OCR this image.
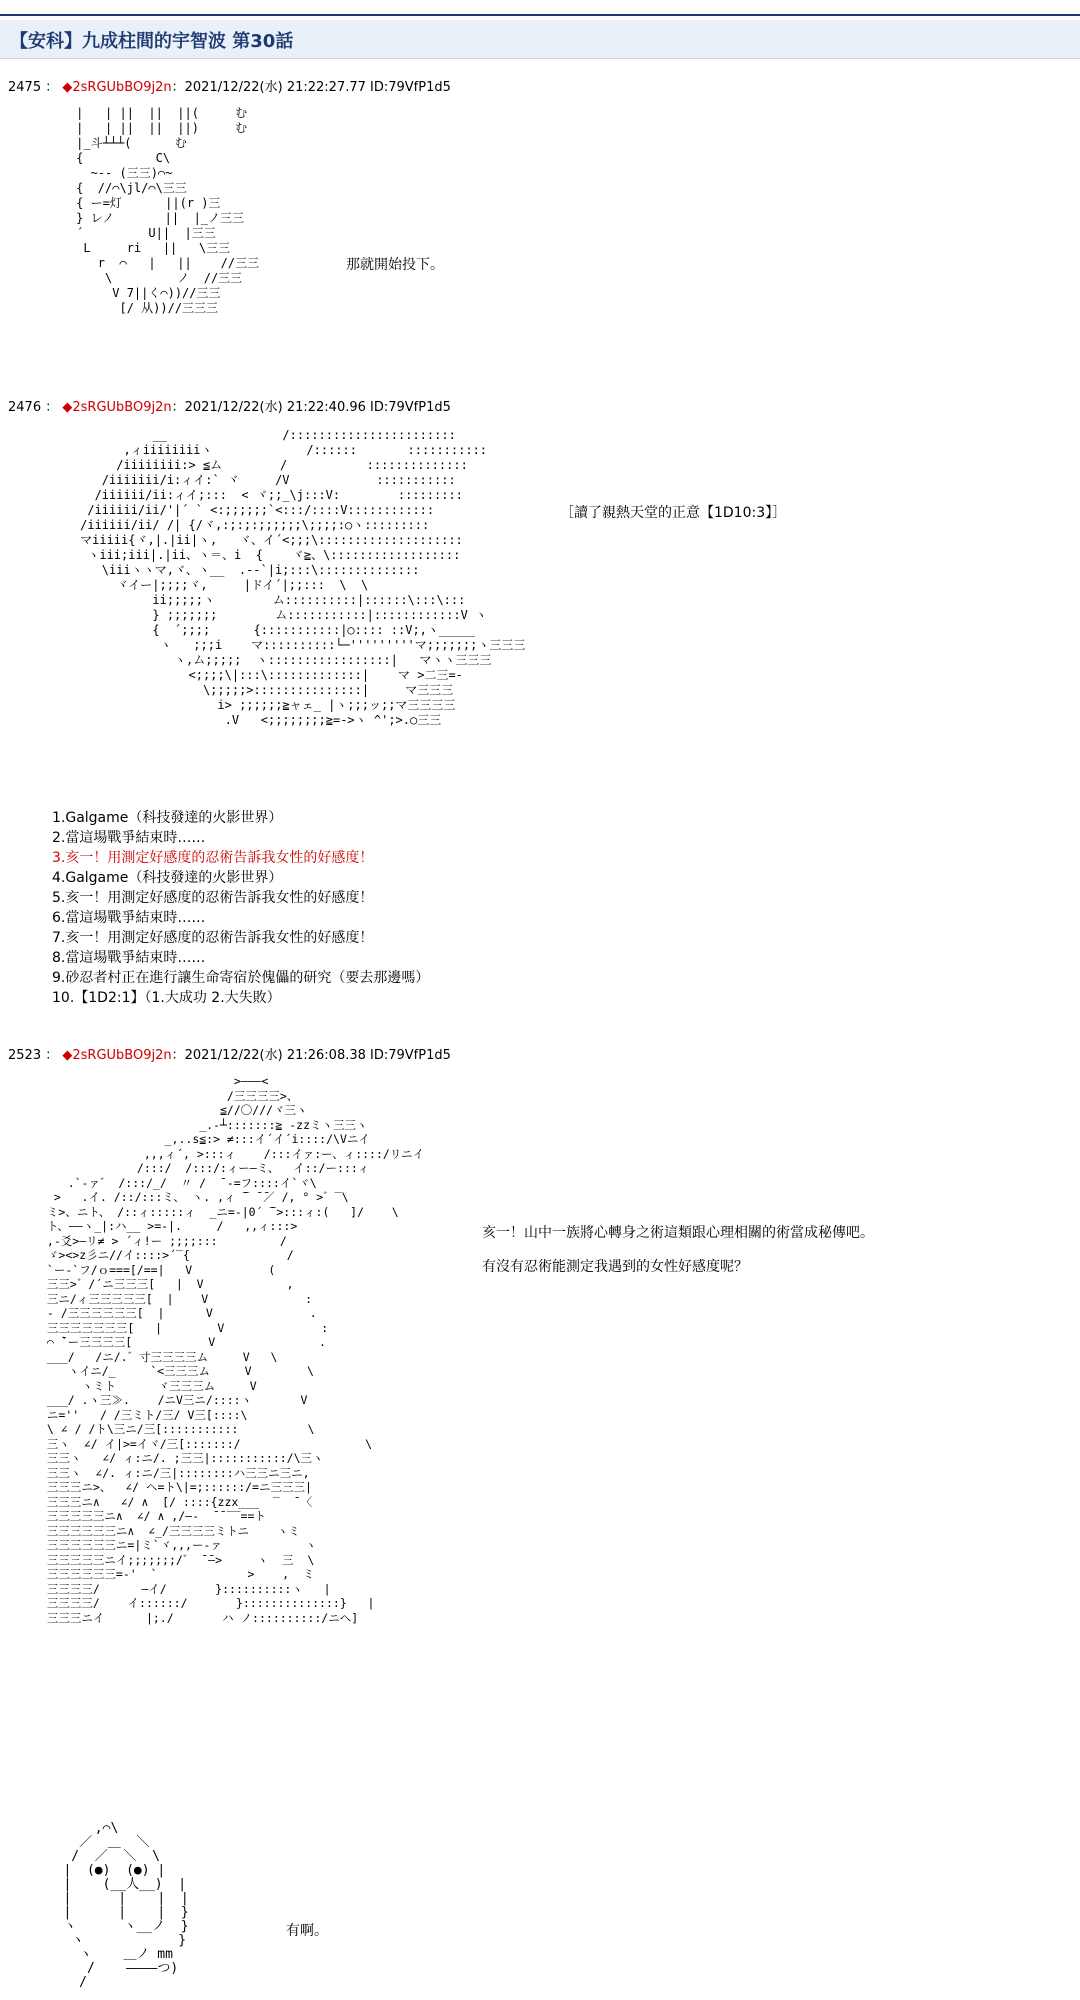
【安科】九成柱間的宇智波 第30話
2475 ： ◆2sRGUbBO9j2n：2021/12/22(水) 21:22:27.77 ID:79VfP1d5
|   | ||  ||  ||(     む
|   | ||  ||  ||)     む
|_斗┴┴┴(      む
{          C\
~-‐ (三三)⌒~
{  //⌒\jl/⌒\三三
{ ー=灯      ||(r )三
} レノ       ||  |_ノ三三
´         U||  |三三
L     ri   ||   \三三
r  ⌒   |   ||    //三三
\         ノ  //三三
V 7||く⌒))//三三
[/ 从))//三三三
那就開始投下。
2476 ： ◆2sRGUbBO9j2n：2021/12/22(水) 21:22:40.96 ID:79VfP1d5
__                /:::::::::::::::::::::::
,ィiiiiiiiiヽ             /::::::       :::::::::::
/iiiiiiii:> ≦ム        /           ::::::::::::::
/iiiiiii/i:ィイ:` ヾ     /V            :::::::::::
/iiiiii/ii:ィイ;:::  < ヾ;;_\j:::V:        :::::::::
/iiiiii/ii/'|´ ` <:;;;;;;`<:::/::::V::::::::::::
/iiiiii/ii/ /| {/ヾ,:;:;:;;;;;;\;;;;:○ヽ:::::::::
マiiiii{ヾ,|.|ii|ヽ,   ヾ、イ´<;;;\::::::::::::::::::::
ヽiii;iii|.|ii、ヽ＝、i  {    ヾ≧、\::::::::::::::::::
\iiiヽヽマ,ヾ、ヽ__  .-‐`|i;:::\::::::::::::::
ヾイー|;;;;ヾ,     |ドイ´|;;:::  \  \
ii;;;;;ヽ        ム::::::::::|::::::\:::\:::
} ;;;;;;;        ム:::::::::::|::::::::::::V ヽ
{  ´;;;;      {:::::::::::|○:::: ::V;,ヽ_____
ヽ   ;;;i    マ::::::::::└─'''''''''マ;;;;;;;ヽ三三三
ヽ,ム;;;;;  ヽ:::::::::::::::::|   マヽヽ三三三
<;;;;\|:::\:::::::::::::|    マ >二三=-
\;;;;;>:::::::::::::::|     マ三三三
i> ;;;;;;≧ャェ_ |ヽ;;;ッ;;マ三三三三
.V   <;;;;;;;;≧=->ヽ ^';>.○三三
［讀了親熱天堂的正意【1D10:3】］
1.Galgame（科技發達的火影世界）
2.當這場戰爭結束時……
3.亥一！用測定好感度的忍術告訴我女性的好感度！
4.Galgame（科技發達的火影世界）
5.亥一！用測定好感度的忍術告訴我女性的好感度！
6.當這場戰爭結束時……
7.亥一！用測定好感度的忍術告訴我女性的好感度！
8.當這場戰爭結束時……
9.砂忍者村正在進行讓生命寄宿於傀儡的研究（要去那邊嗎）
10.【1D2:1】（1.大成功 2.大失敗）
2523 ： ◆2sRGUbBO9j2n：2021/12/22(水) 21:26:08.38 ID:79VfP1d5
>―――<
/三三三三>、
≦//〇///ヾ三ヽ
_.-┴:::::::≧ -zzミヽ三三ヽ
_,..s≦:> ≠:::イ´イ´i::::/\Vニイ
,,,ィ´, >:::ィ    /:::イァ:ー、ィ::::/リニイ
/:::/  /:::/:ィー―ミ、  イ::/ー:::ィ
.`‐ァ゛ /:::/_/  〃 /  ̄ -=フ::::イ`ヾ\
>   .イ. /::/:::ミ、 ヽ. ,ィ ̄‾ ̄ ̄／ /, ° >゛‾\
ミ>、ニト、 /::ィ:::::ィ  _ニ=‐|0´ ̄‾>:::ィ:(   ]/    \
ト、――ヽ_|:ハ__ >=-|.     /   ,,ィ:::>
,‐爻>―リ≠ > ´ィ!ー ;;;;:::         /
ゞ><>z彡ニ//イ::::>´‾{              /
`ー‐`フ/ｏ===[/==|   V           (
三三>゛/´ニ三三三[   |  V            ,
三ニ/ィ三三三三三[  |    V              :
‐ /三三三三三三[  |      V              .
三三三三三三三[   |        V              :
⌒ ̄`ー三三三三[           V               .
___/   /ニ/.゛寸三三三三ム     V   \
ヽイニ/_     `<三三三ム     V        \
ヽミト      ヾ三三三ム     V
___/ .ヽ三≫.    /ニV三ニ/::::ヽ       V
ニ=''   / /三ミト/三/ V三[::::\
\ ∠ / /ト\三ニ/三[:::::::::::          \
三ヽ  ∠/ イ|>=イヾ/三[:::::::/                  \
三三ヽ   ∠/ ィ:ニ/. ;三三|:::::::::::/\三ヽ
三三ヽ  ∠/. ィ:ニ/三|::::::::ハ三三ニ三ニ,
三三三ニ>、  ∠/ ヘ=ト\|=;::::::/=ニ三三三|
三三三ニ∧   ∠/ ∧  [/ ::::{zzx___  ‾  ̄ 〈
三三三三三ニ∧  ∠/ ∧ ,/―‐  ̄ ̄ ‾‾==ト
三三三三三三ニ∧  ∠_/三三三三ミトニ    ヽミ
三三三三三三ニ=|ミ`ヾ,,,ー-ァ            ヽ
三三三三三ニイ;;;;;;;/゛ ̄ ̄―>     ヽ  三  \
三三三三三三=‐'  `             >    ,  ミ
三三三三/      ―イ/       }::::::::::ヽ   |
三三三三/    イ::::::/       }::::::::::::::}   |
三三三ニイ      |;./       ハ ノ::::::::::/ニへ]
亥一！山中一族將心轉身之術這類跟心理相關的術當成秘傳吧。
有沒有忍術能測定我遇到的女性好感度呢？
,⌒\
／  ＿  ＼
/  ／  ＼  \
|  (●)  (●) |
|    (__人__)  |
|      |    |  |
|      |    |  }
ヽ      ヽ__ノ  }
ヽ            }
ヽ    ＿ノ mm
/    ――――つ)
/
有啊。
